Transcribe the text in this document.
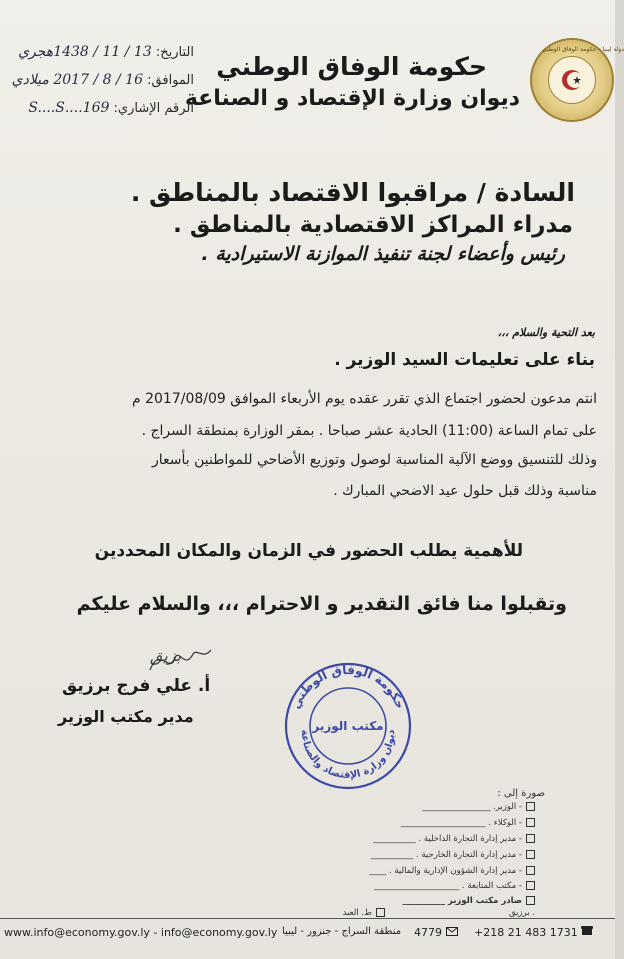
دولة ليبيا - حكومة الوفاق الوطني
حكومة الوفاق الوطني
ديوان وزارة الإقتصاد و الصناعة
التاريخ: 13 / 11 / 1438هجري
الموافق: 16 / 8 / 2017 ميلادي
الرقم الإشاري: 169....S....S
السادة / مراقبوا الاقتصاد بالمناطق .
مدراء المراكز الاقتصادية بالمناطق .
رئيس وأعضاء لجنة تنفيذ الموازنة الاستيرادية .
بعد التحية والسلام ،،،
بناء على تعليمات السيد الوزير .
انتم مدعون لحضور اجتماع الذي تقرر عقده يوم الأربعاء الموافق 2017/08/09 م
على تمام الساعة (11:00) الحادية عشر صباحا . بمقر الوزارة بمنطقة السراج .
وذلك للتنسيق ووضع الآلية المناسبة لوصول وتوزيع الأضاحي للمواطنين بأسعار
مناسبة وذلك قبل حلول عيد الاضحي المبارك .
للأهمية يطلب الحضور في الزمان والمكان المحددين
وتقبلوا منا فائق التقدير و الاحترام ،،، والسلام عليكم
بزيق
أ. علي فرج برزيق
مدير مكتب الوزير
حكومة الوفاق الوطني
ديوان وزارة الإقتصاد والصناعة
مكتب الوزير
صورة إلى :
- الوزير. ________________
- الوكلاء . ____________________
- مدير إدارة التجارة الداخلية . __________
- مدير إدارة التجارة الخارجية . __________
- مدير إدارة الشؤون الإدارية والمالية . ____
- مكتب المتابعة . ____________________
صادر مكتب الوزير __________
ط. العبد	. برزيق
www.info@economy.gov.ly - info@economy.gov.ly منطقة السراج - جنزور - ليبيا 4779	+218 21 483 1731
